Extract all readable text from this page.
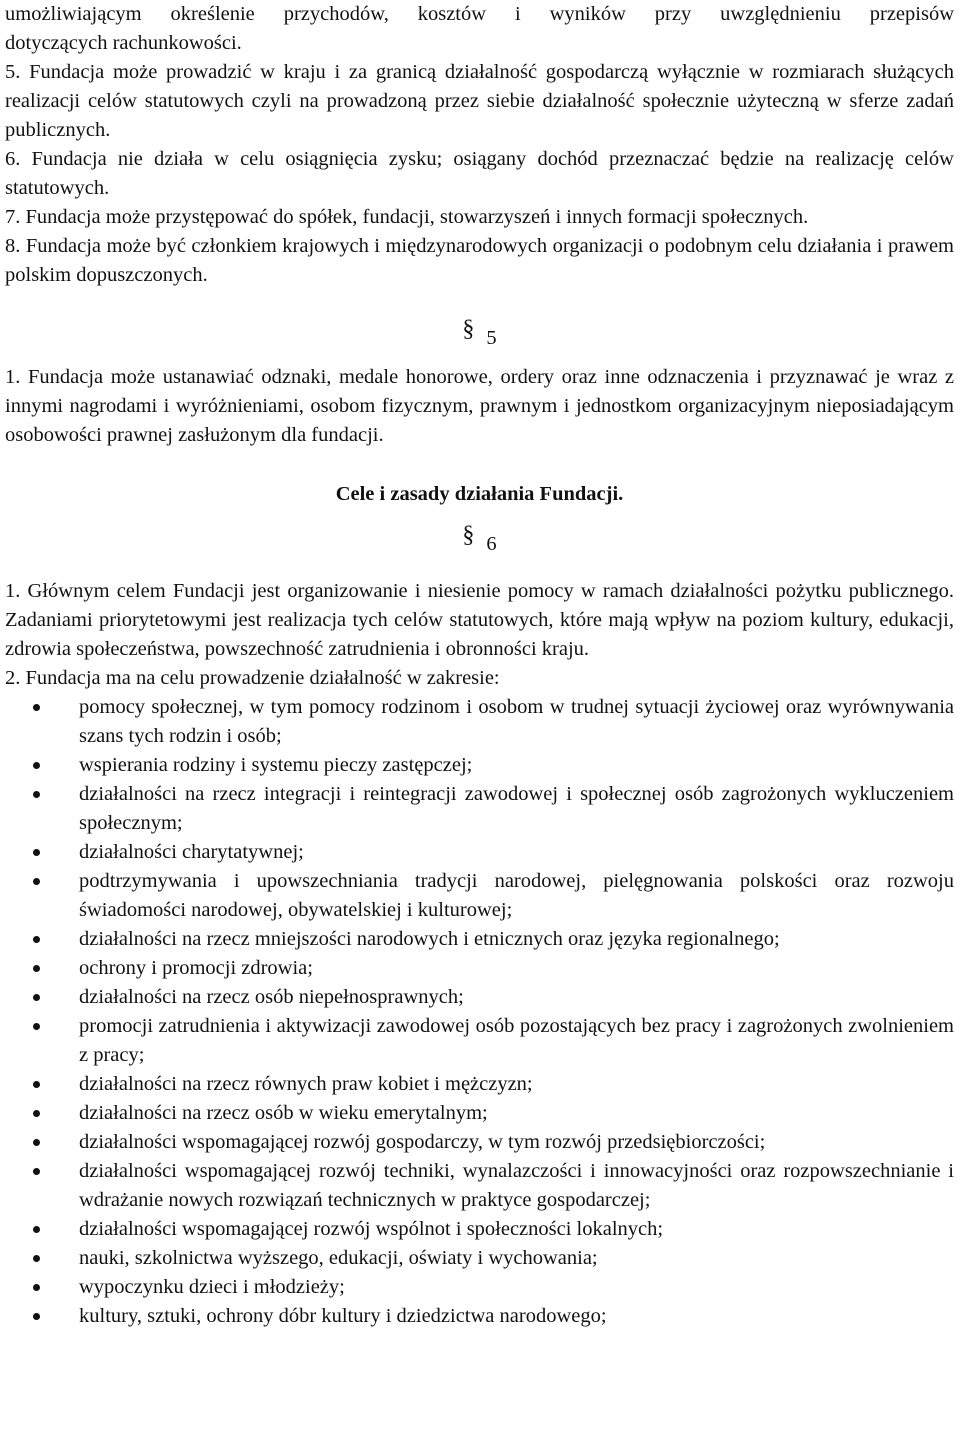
umożliwiającym określenie przychodów, kosztów i wyników przy uwzględnieniu przepisów

dotyczących rachunkowości.

5. Fundacja może prowadzić w kraju i za granicą działalność gospodarczą wyłącznie w rozmiarach służących realizacji celów statutowych czyli na prowadzoną przez siebie działalność społecznie użyteczną w sferze zadań publicznych.

6. Fundacja nie działa w celu osiągnięcia zysku; osiągany dochód przeznaczać będzie na realizację celów statutowych.

7. Fundacja może przystępować do spółek, fundacji, stowarzyszeń i innych formacji społecznych.

8. Fundacja może być członkiem krajowych i międzynarodowych organizacji o podobnym celu działania i prawem polskim dopuszczonych.

§ 5

1. Fundacja może ustanawiać odznaki, medale honorowe, ordery oraz inne odznaczenia i przyznawać je wraz z innymi nagrodami i wyróżnieniami, osobom fizycznym, prawnym i jednostkom organizacyjnym nieposiadającym osobowości prawnej zasłużonym dla fundacji.

Cele i zasady działania Fundacji.

§ 6

1. Głównym celem Fundacji jest organizowanie i niesienie pomocy w ramach działalności pożytku publicznego. Zadaniami priorytetowymi jest realizacja tych celów statutowych, które mają wpływ na poziom kultury, edukacji, zdrowia społeczeństwa, powszechność zatrudnienia i obronności kraju.

2. Fundacja ma na celu prowadzenie działalność w zakresie:

pomocy społecznej, w tym pomocy rodzinom i osobom w trudnej sytuacji życiowej oraz wyrównywania szans tych rodzin i osób;
wspierania rodziny i systemu pieczy zastępczej;
działalności na rzecz integracji i reintegracji zawodowej i społecznej osób zagrożonych wykluczeniem społecznym;
działalności charytatywnej;
podtrzymywania i upowszechniania tradycji narodowej, pielęgnowania polskości oraz rozwoju świadomości narodowej, obywatelskiej i kulturowej;
działalności na rzecz mniejszości narodowych i etnicznych oraz języka regionalnego;
ochrony i promocji zdrowia;
działalności na rzecz osób niepełnosprawnych;
promocji zatrudnienia i aktywizacji zawodowej osób pozostających bez pracy i zagrożonych zwolnieniem z pracy;
działalności na rzecz równych praw kobiet i mężczyzn;
działalności na rzecz osób w wieku emerytalnym;
działalności wspomagającej rozwój gospodarczy, w tym rozwój przedsiębiorczości;
działalności wspomagającej rozwój techniki, wynalazczości i innowacyjności oraz rozpowszechnianie i wdrażanie nowych rozwiązań technicznych w praktyce gospodarczej;
działalności wspomagającej rozwój wspólnot i społeczności lokalnych;
nauki, szkolnictwa wyższego, edukacji, oświaty i wychowania;
wypoczynku dzieci i młodzieży;
kultury, sztuki, ochrony dóbr kultury i dziedzictwa narodowego;
